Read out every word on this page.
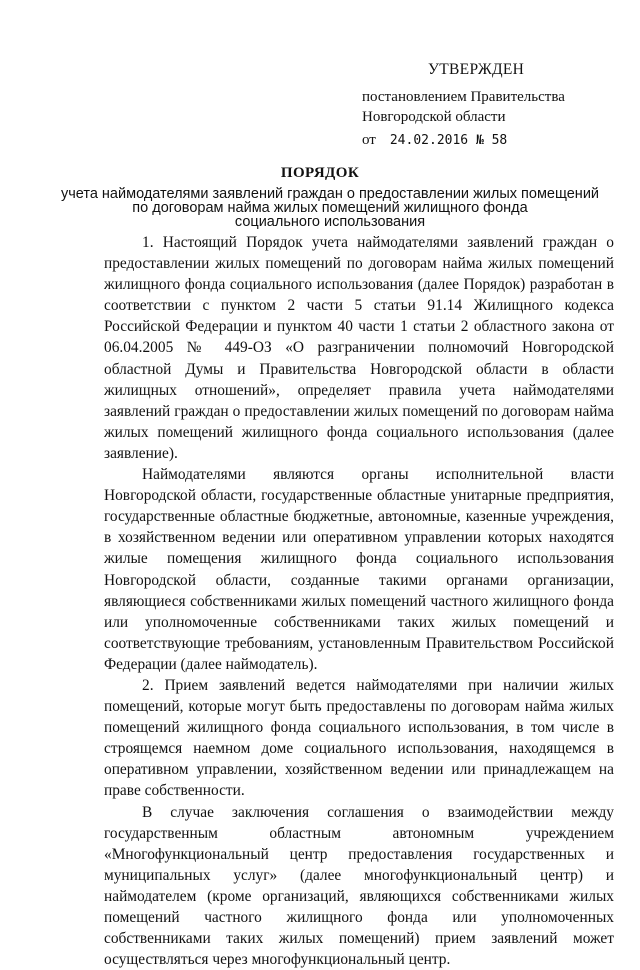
УТВЕРЖДЕН
постановлением Правительства
Новгородской области
от 24.02.2016 № 58
ПОРЯДОК
учета наймодателями заявлений граждан о предоставлении жилых помещений
по договорам найма жилых помещений жилищного фонда
социального использования

1. Настоящий Порядок учета наймодателями заявлений граждан о предоставлении жилых помещений по договорам найма жилых помещений жилищного фонда социального использования (далее Порядок) разработан в соответствии с пунктом 2 части 5 статьи 91.14 Жилищного кодекса Российской Федерации и пунктом 40 части 1 статьи 2 областного закона от 06.04.2005 № 449-ОЗ «О разграничении полномочий Новгородской областной Думы и Правительства Новгородской области в области жилищных отношений», определяет правила учета наймодателями заявлений граждан о предоставлении жилых помещений по договорам найма жилых помещений жилищного фонда социального использования (далее заявление).

Наймодателями являются органы исполнительной власти Новгородской области, государственные областные унитарные предприятия, государственные областные бюджетные, автономные, казенные учреждения, в хозяйственном ведении или оперативном управлении которых находятся жилые помещения жилищного фонда социального использования Новгородской области, созданные такими органами организации, являющиеся собственниками жилых помещений частного жилищного фонда или уполномоченные собственниками таких жилых помещений и соответствующие требованиям, установленным Правительством Российской Федерации (далее наймодатель).

2. Прием заявлений ведется наймодателями при наличии жилых помещений, которые могут быть предоставлены по договорам найма жилых помещений жилищного фонда социального использования, в том числе в строящемся наемном доме социального использования, находящемся в оперативном управлении, хозяйственном ведении или принадлежащем на праве собственности.

В случае заключения соглашения о взаимодействии между государственным областным автономным учреждением «Многофункциональный центр предоставления государственных и муниципальных услуг» (далее многофункциональный центр) и наймодателем (кроме организаций, являющихся собственниками жилых помещений частного жилищного фонда или уполномоченных собственниками таких жилых помещений) прием заявлений может осуществляться через многофункциональный центр.
